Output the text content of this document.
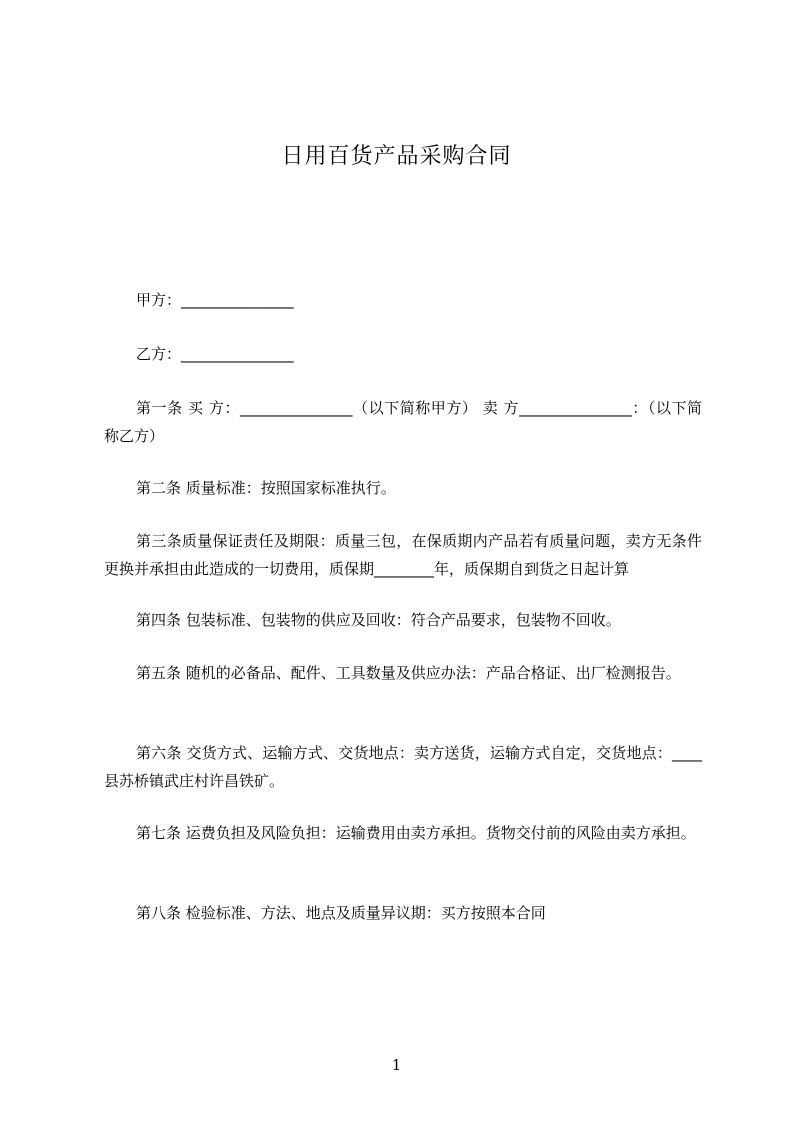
日用百货产品采购合同
甲方：_______________
乙方：_______________
第一条 买 方：_______________（以下简称甲方） 卖 方_______________：（以下简称乙方）
第二条 质量标准：按照国家标准执行。
第三条质量保证责任及期限：质量三包，在保质期内产品若有质量问题，卖方无条件更换并承担由此造成的一切费用，质保期________年，质保期自到货之日起计算
第四条 包装标准、包装物的供应及回收：符合产品要求，包装物不回收。
第五条 随机的必备品、配件、工具数量及供应办法：产品合格证、出厂检测报告。
第六条 交货方式、运输方式、交货地点：卖方送货，运输方式自定，交货地点：____县苏桥镇武庄村许昌铁矿。
第七条 运费负担及风险负担：运输费用由卖方承担。货物交付前的风险由卖方承担。
第八条 检验标准、方法、地点及质量异议期：买方按照本合同
1
